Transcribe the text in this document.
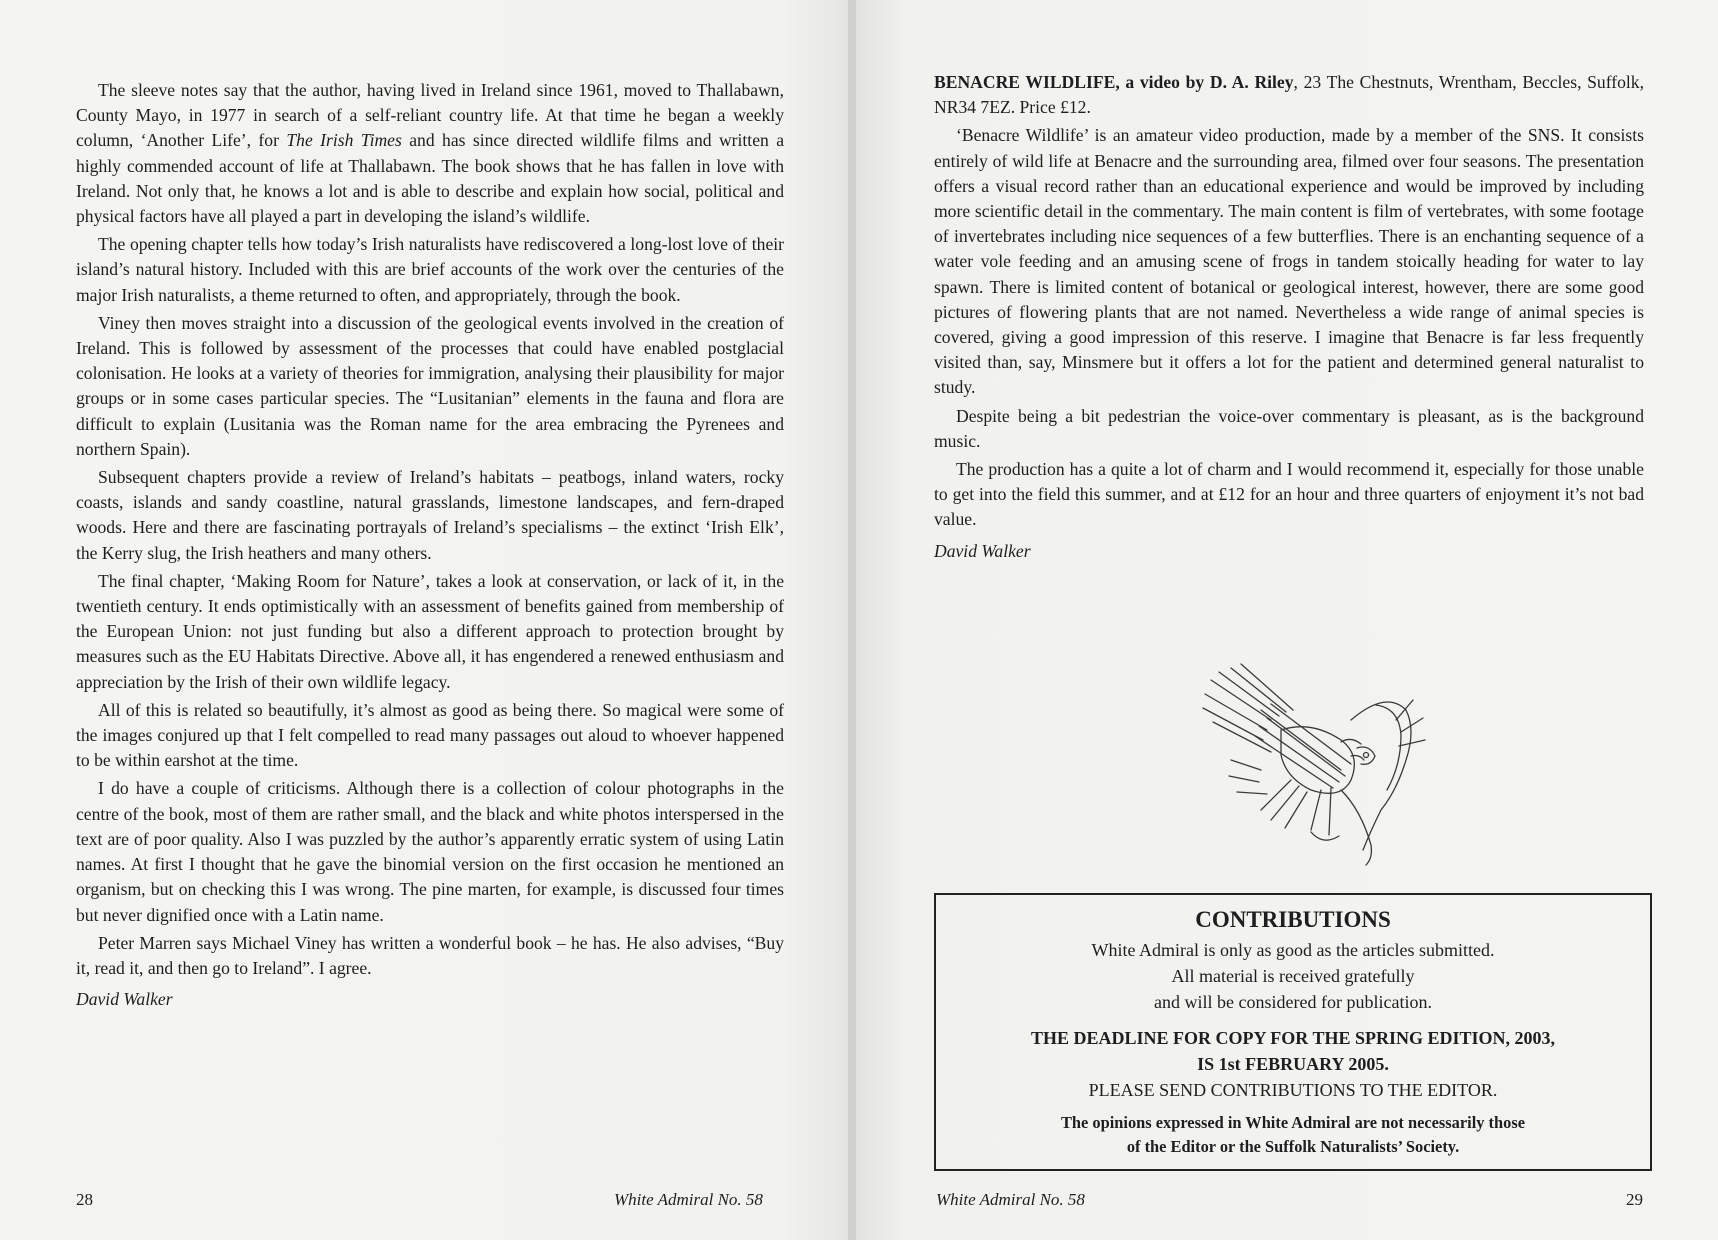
The sleeve notes say that the author, having lived in Ireland since 1961, moved to Thallabawn, County Mayo, in 1977 in search of a self-reliant country life. At that time he began a weekly column, ‘Another Life’, for The Irish Times and has since directed wildlife films and written a highly commended account of life at Thallabawn. The book shows that he has fallen in love with Ireland. Not only that, he knows a lot and is able to describe and explain how social, political and physical factors have all played a part in developing the island’s wildlife.

The opening chapter tells how today’s Irish naturalists have rediscovered a long-lost love of their island’s natural history. Included with this are brief accounts of the work over the centuries of the major Irish naturalists, a theme returned to often, and appropriately, through the book.

Viney then moves straight into a discussion of the geological events involved in the creation of Ireland. This is followed by assessment of the processes that could have enabled postglacial colonisation. He looks at a variety of theories for immigration, analysing their plausibility for major groups or in some cases particular species. The “Lusitanian” elements in the fauna and flora are difficult to explain (Lusitania was the Roman name for the area embracing the Pyrenees and northern Spain).

Subsequent chapters provide a review of Ireland’s habitats – peatbogs, inland waters, rocky coasts, islands and sandy coastline, natural grasslands, limestone landscapes, and fern-draped woods. Here and there are fascinating portrayals of Ireland’s specialisms – the extinct ‘Irish Elk’, the Kerry slug, the Irish heathers and many others.

The final chapter, ‘Making Room for Nature’, takes a look at conservation, or lack of it, in the twentieth century. It ends optimistically with an assessment of benefits gained from membership of the European Union: not just funding but also a different approach to protection brought by measures such as the EU Habitats Directive. Above all, it has engendered a renewed enthusiasm and appreciation by the Irish of their own wildlife legacy.

All of this is related so beautifully, it’s almost as good as being there. So magical were some of the images conjured up that I felt compelled to read many passages out aloud to whoever happened to be within earshot at the time.

I do have a couple of criticisms. Although there is a collection of colour photographs in the centre of the book, most of them are rather small, and the black and white photos interspersed in the text are of poor quality. Also I was puzzled by the author’s apparently erratic system of using Latin names. At first I thought that he gave the binomial version on the first occasion he mentioned an organism, but on checking this I was wrong. The pine marten, for example, is discussed four times but never dignified once with a Latin name.

Peter Marren says Michael Viney has written a wonderful book – he has. He also advises, “Buy it, read it, and then go to Ireland”. I agree.

David Walker

28	White Admiral No. 58

BENACRE WILDLIFE, a video by D. A. Riley, 23 The Chestnuts, Wrentham, Beccles, Suffolk, NR34 7EZ. Price £12.

‘Benacre Wildlife’ is an amateur video production, made by a member of the SNS. It consists entirely of wild life at Benacre and the surrounding area, filmed over four seasons. The presentation offers a visual record rather than an educational experience and would be improved by including more scientific detail in the commentary. The main content is film of vertebrates, with some footage of invertebrates including nice sequences of a few butterflies. There is an enchanting sequence of a water vole feeding and an amusing scene of frogs in tandem stoically heading for water to lay spawn. There is limited content of botanical or geological interest, however, there are some good pictures of flowering plants that are not named. Nevertheless a wide range of animal species is covered, giving a good impression of this reserve. I imagine that Benacre is far less frequently visited than, say, Minsmere but it offers a lot for the patient and determined general naturalist to study.

Despite being a bit pedestrian the voice-over commentary is pleasant, as is the background music.

The production has a quite a lot of charm and I would recommend it, especially for those unable to get into the field this summer, and at £12 for an hour and three quarters of enjoyment it’s not bad value.

David Walker

CONTRIBUTIONS
White Admiral is only as good as the articles submitted.
All material is received gratefully
and will be considered for publication.
THE DEADLINE FOR COPY FOR THE SPRING EDITION, 2003,
IS 1st FEBRUARY 2005.
PLEASE SEND CONTRIBUTIONS TO THE EDITOR.
The opinions expressed in White Admiral are not necessarily those
of the Editor or the Suffolk Naturalists’ Society.
White Admiral No. 58	29
